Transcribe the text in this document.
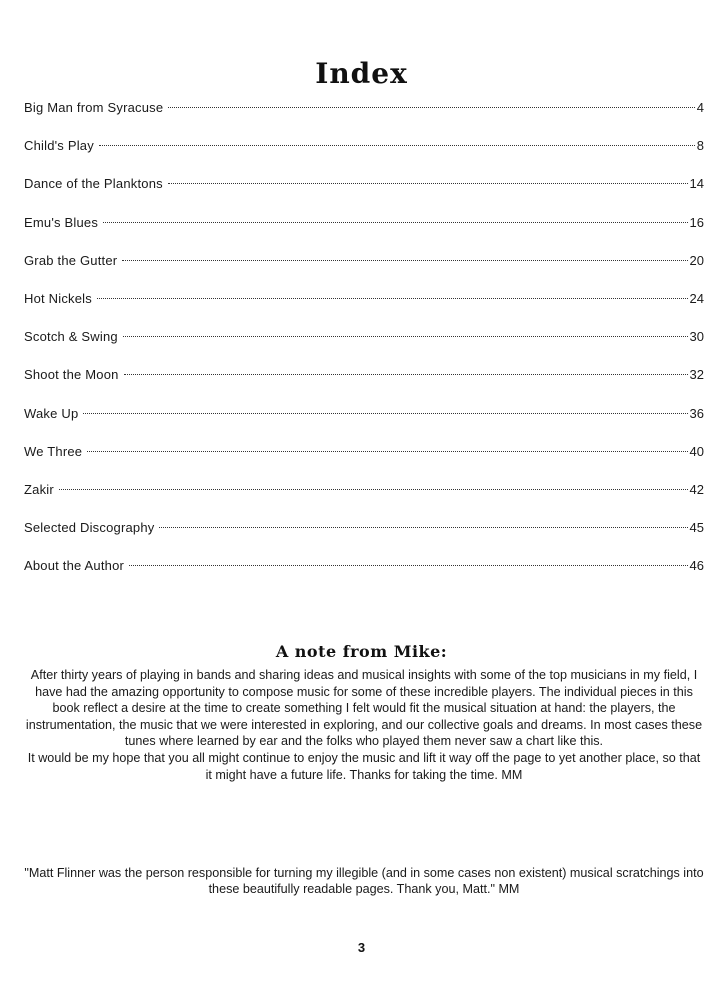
Index
Big Man from Syracuse	4
Child's Play	8
Dance of the Planktons	14
Emu's Blues	16
Grab the Gutter	20
Hot Nickels	24
Scotch & Swing	30
Shoot the Moon	32
Wake Up	36
We Three	40
Zakir	42
Selected Discography	45
About the Author	46
A note from Mike:

After thirty years of playing in bands and sharing ideas and musical insights with some of the top musicians in my field, I have had the amazing opportunity to compose music for some of these incredible players. The individual pieces in this book reflect a desire at the time to create something I felt would fit the musical situation at hand: the players, the instrumentation, the music that we were interested in exploring, and our collective goals and dreams. In most cases these tunes where learned by ear and the folks who played them never saw a chart like this.

It would be my hope that you all might continue to enjoy the music and lift it way off the page to yet another place, so that it might have a future life. Thanks for taking the time. MM

"Matt Flinner was the person responsible for turning my illegible (and in some cases non existent) musical scratchings into these beautifully readable pages. Thank you, Matt." MM

3
